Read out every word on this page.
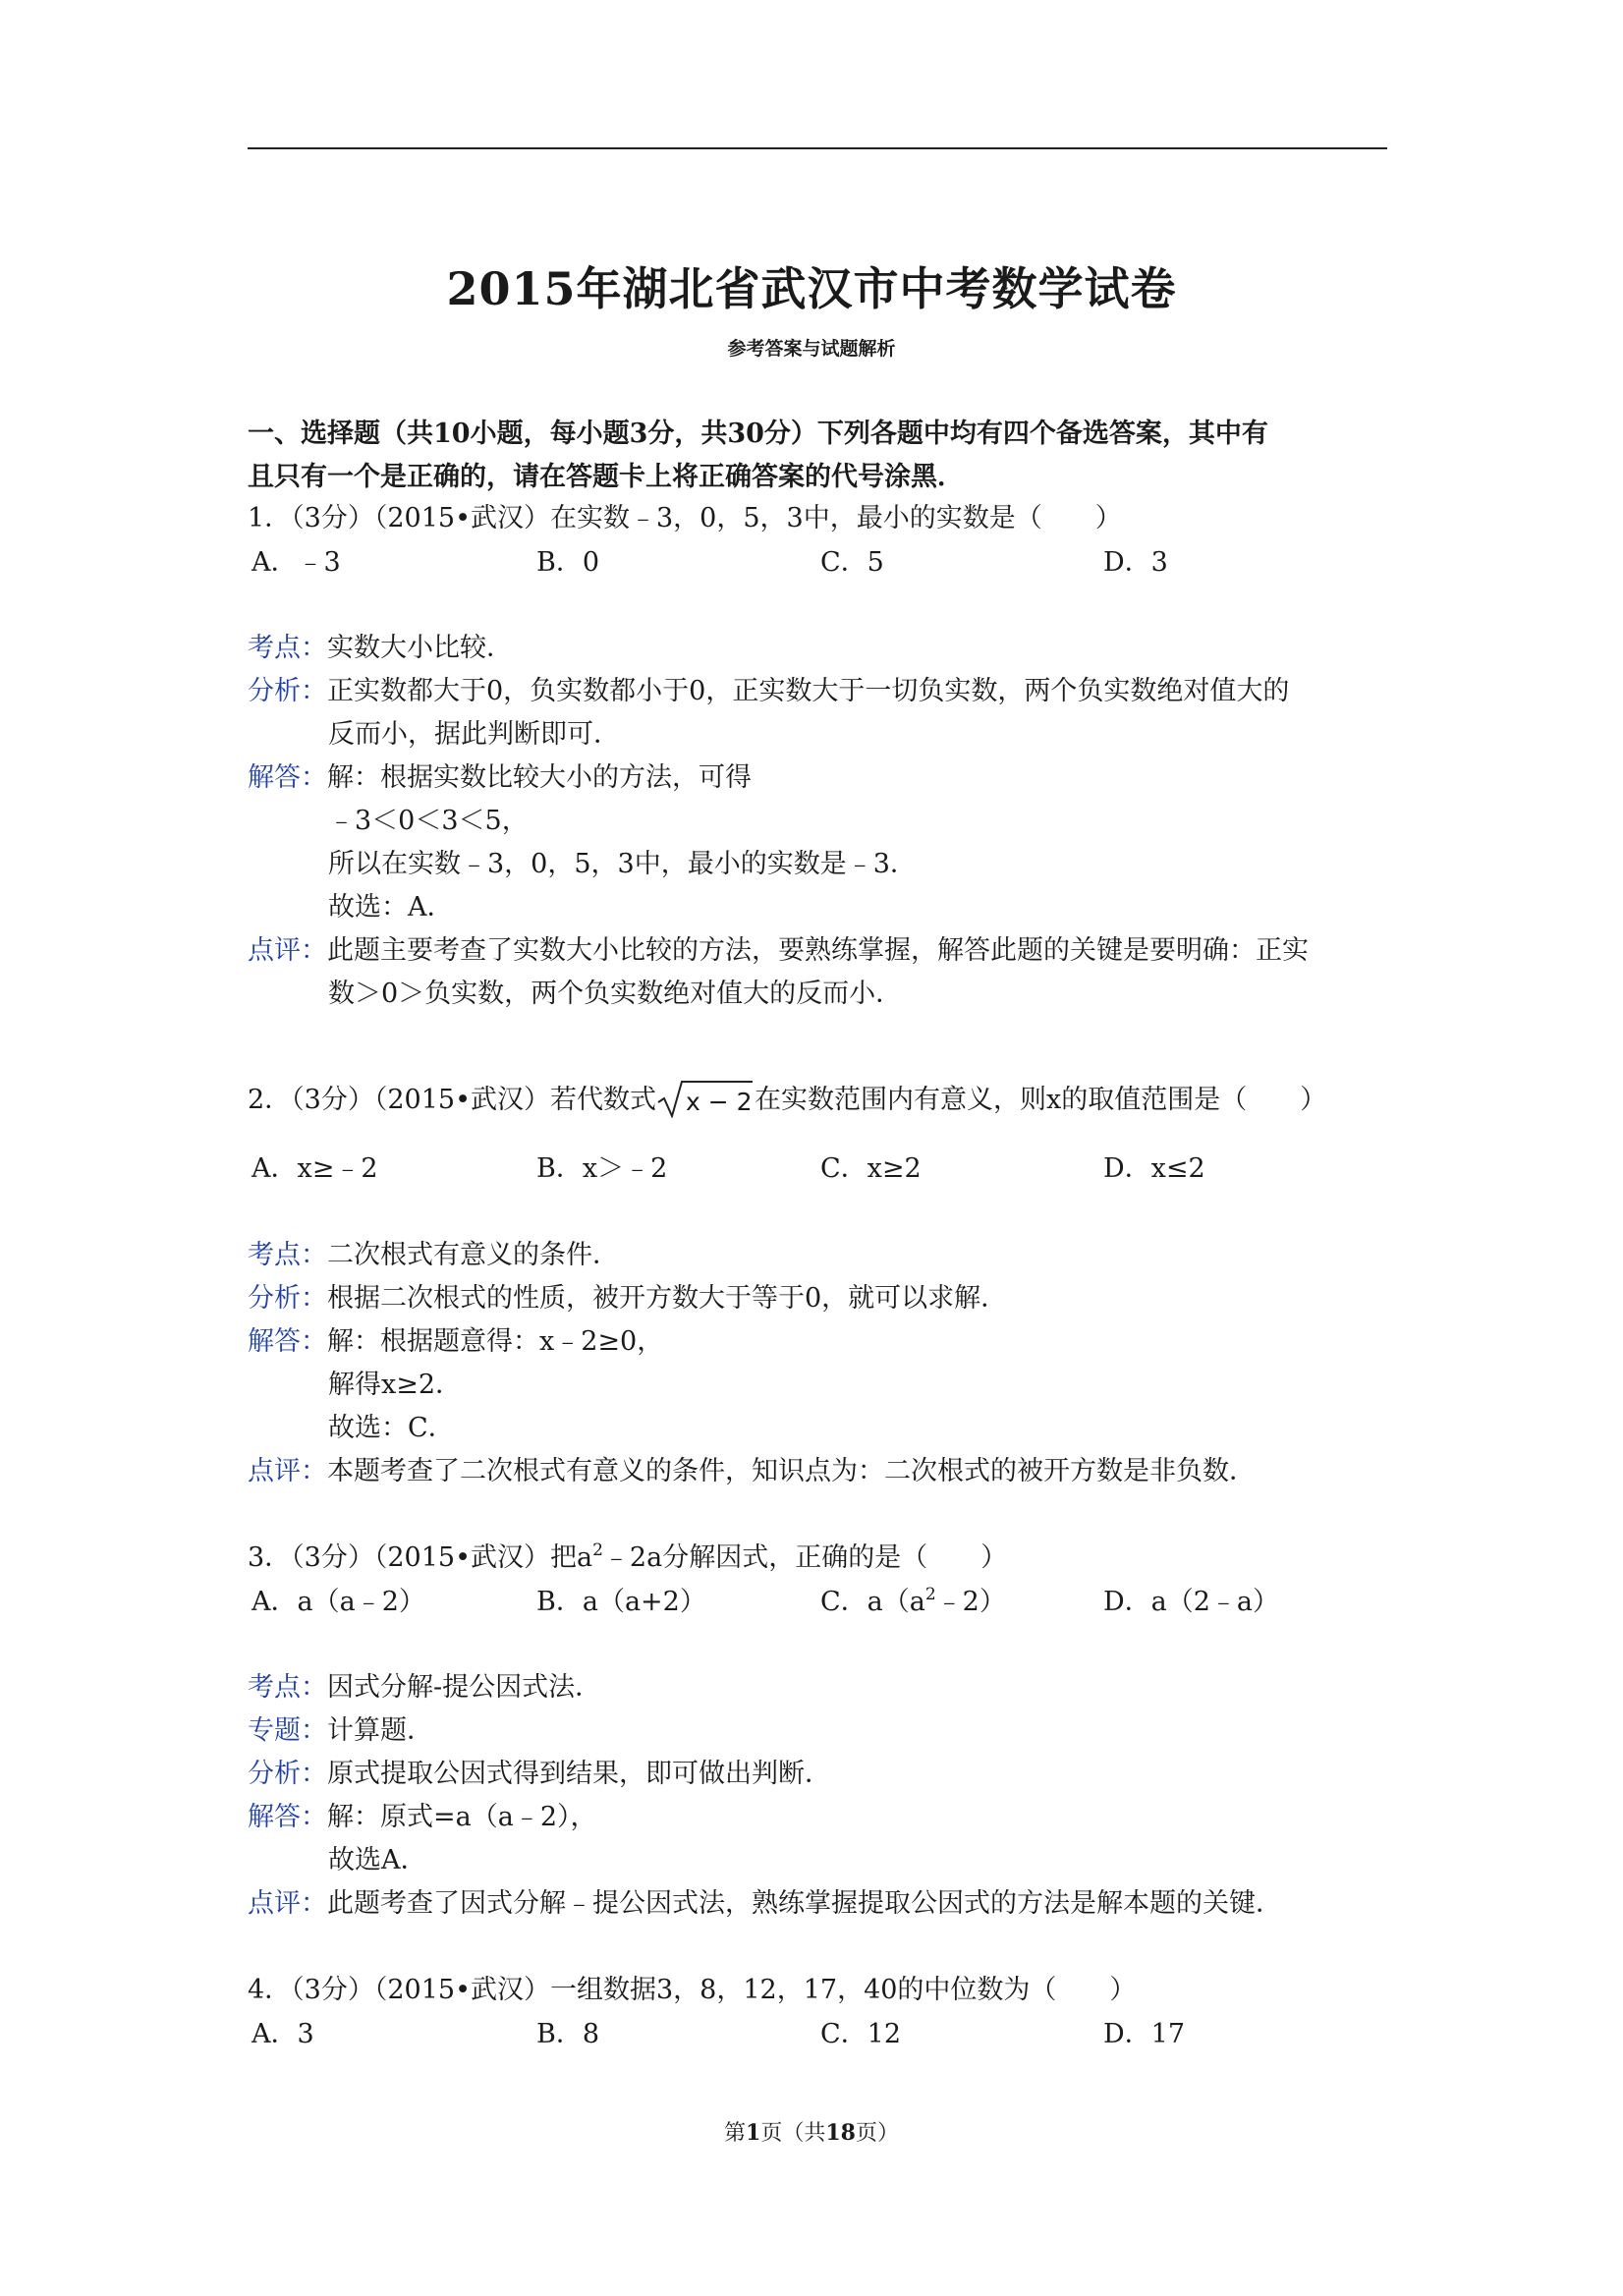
2015年湖北省武汉市中考数学试卷
参考答案与试题解析
一、选择题（共10小题，每小题3分，共30分）下列各题中均有四个备选答案，其中有
且只有一个是正确的，请在答题卡上将正确答案的代号涂黑．
1．（3分）（2015•武汉）在实数﹣3，0，5，3中，最小的实数是（　　）
A．﹣3	B．0	C．5	D．3
考点：实数大小比较．
分析：正实数都大于0，负实数都小于0，正实数大于一切负实数，两个负实数绝对值大的
反而小，据此判断即可．
解答：解：根据实数比较大小的方法，可得
﹣3＜0＜3＜5，
所以在实数﹣3，0，5，3中，最小的实数是﹣3．
故选：A．
点评：此题主要考查了实数大小比较的方法，要熟练掌握，解答此题的关键是要明确：正实
数＞0＞负实数，两个负实数绝对值大的反而小．
2．（3分）（2015•武汉）若代数式 x − 2 在实数范围内有意义，则x的取值范围是（　　）
A．x≥﹣2	B．x＞﹣2	C．x≥2	D．x≤2
考点：二次根式有意义的条件．
分析：根据二次根式的性质，被开方数大于等于0，就可以求解．
解答：解：根据题意得：x﹣2≥0，
解得x≥2．
故选：C．
点评：本题考查了二次根式有意义的条件，知识点为：二次根式的被开方数是非负数．
3．（3分）（2015•武汉）把$a^2﹣2a$分解因式，正确的是（　　）
A．a（a﹣2）	B．a（a+2）	C．$a(a^2﹣2)$	D．a（2﹣a）
考点：因式分解-提公因式法．
专题：计算题．
分析：原式提取公因式得到结果，即可做出判断．
解答：解：原式=a（a﹣2），
故选A．
点评：此题考查了因式分解﹣提公因式法，熟练掌握提取公因式的方法是解本题的关键．
4．（3分）（2015•武汉）一组数据3，8，12，17，40的中位数为（　　）
A．3	B．8	C．12	D．17
第1页（共18页）
